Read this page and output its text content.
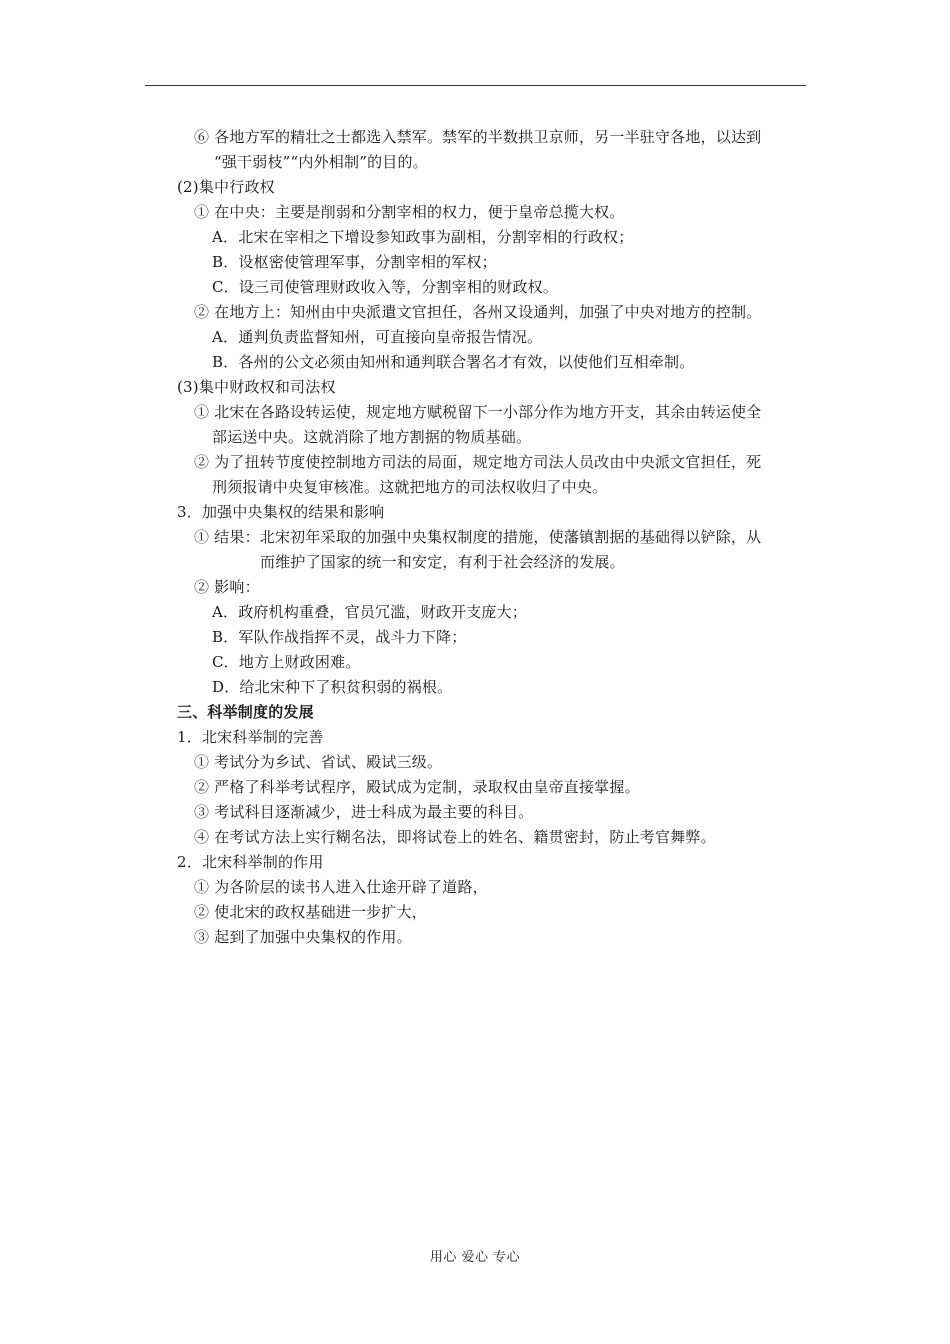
⑥ 各地方军的精壮之士都选入禁军。禁军的半数拱卫京师，另一半驻守各地，以达到
“强干弱枝”“内外相制”的目的。
(2)集中行政权
① 在中央：主要是削弱和分割宰相的权力，便于皇帝总揽大权。
A．北宋在宰相之下增设参知政事为副相，分割宰相的行政权；
B．设枢密使管理军事，分割宰相的军权；
C．设三司使管理财政收入等，分割宰相的财政权。
② 在地方上：知州由中央派遣文官担任，各州又设通判，加强了中央对地方的控制。
A．通判负责监督知州，可直接向皇帝报告情况。
B．各州的公文必须由知州和通判联合署名才有效，以使他们互相牵制。
(3)集中财政权和司法权
① 北宋在各路设转运使，规定地方赋税留下一小部分作为地方开支，其余由转运使全
部运送中央。这就消除了地方割据的物质基础。
② 为了扭转节度使控制地方司法的局面，规定地方司法人员改由中央派文官担任，死
刑须报请中央复审核准。这就把地方的司法权收归了中央。
3．加强中央集权的结果和影响
① 结果：北宋初年采取的加强中央集权制度的措施，使藩镇割据的基础得以铲除，从
而维护了国家的统一和安定，有利于社会经济的发展。
② 影响：
A．政府机构重叠，官员冗滥，财政开支庞大；
B．军队作战指挥不灵，战斗力下降；
C．地方上财政困难。
D．给北宋种下了积贫积弱的祸根。
三、科举制度的发展
1．北宋科举制的完善
① 考试分为乡试、省试、殿试三级。
② 严格了科举考试程序，殿试成为定制，录取权由皇帝直接掌握。
③ 考试科目逐渐减少，进士科成为最主要的科目。
④ 在考试方法上实行糊名法，即将试卷上的姓名、籍贯密封，防止考官舞弊。
2．北宋科举制的作用
① 为各阶层的读书人进入仕途开辟了道路，
② 使北宋的政权基础进一步扩大，
③ 起到了加强中央集权的作用。
用心 爱心 专心
